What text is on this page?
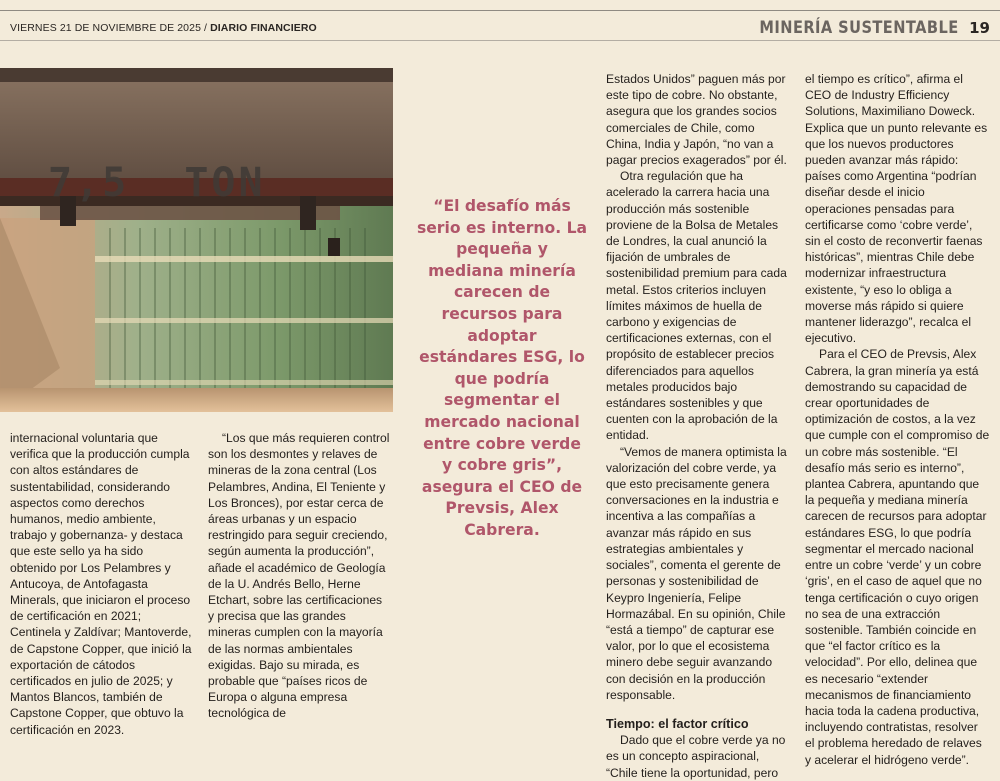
VIERNES 21 DE NOVIEMBRE DE 2025 / DIARIO FINANCIERO	MINERÍA SUSTENTABLE 19
7,5 TON

internacional voluntaria que verifica que la producción cumpla con altos estándares de sustentabilidad, considerando aspectos como derechos humanos, medio ambiente, trabajo y gobernanza- y destaca que este sello ya ha sido obtenido por Los Pelambres y Antucoya, de Antofagasta Minerals, que iniciaron el proceso de certificación en 2021; Centinela y Zaldívar; Mantoverde, de Capstone Copper, que inició la exportación de cátodos certificados en julio de 2025; y Mantos Blancos, también de Capstone Copper, que obtuvo la certificación en 2023.

“Los que más requieren control son los desmontes y relaves de mineras de la zona central (Los Pelambres, Andina, El Teniente y Los Bronces), por estar cerca de áreas urbanas y un espacio restringido para seguir creciendo, según aumenta la producción”, añade el académico de Geología de la U. Andrés Bello, Herne Etchart, sobre las certificaciones y precisa que las grandes mineras cumplen con la mayoría de las normas ambientales exigidas. Bajo su mirada, es probable que “países ricos de Europa o alguna empresa tecnológica de

“El desafío más serio es interno. La pequeña y mediana minería carecen de recursos para adoptar estándares ESG, lo que podría segmentar el mercado nacional entre cobre verde y cobre gris”, asegura el CEO de Prevsis, Alex Cabrera.

Estados Unidos” paguen más por este tipo de cobre. No obstante, asegura que los grandes socios comerciales de Chile, como China, India y Japón, “no van a pagar precios exagerados” por él.

Otra regulación que ha acelerado la carrera hacia una producción más sostenible proviene de la Bolsa de Metales de Londres, la cual anunció la fijación de umbrales de sostenibilidad premium para cada metal. Estos criterios incluyen límites máximos de huella de carbono y exigencias de certificaciones externas, con el propósito de establecer precios diferenciados para aquellos metales producidos bajo estándares sostenibles y que cuenten con la aprobación de la entidad.

“Vemos de manera optimista la valorización del cobre verde, ya que esto precisamente genera conversaciones en la industria e incentiva a las compañías a avanzar más rápido en sus estrategias ambientales y sociales”, comenta el gerente de personas y sostenibilidad de Keypro Ingeniería, Felipe Hormazábal. En su opinión, Chile “está a tiempo” de capturar ese valor, por lo que el ecosistema minero debe seguir avanzando con decisión en la producción responsable.

Tiempo: el factor crítico

Dado que el cobre verde ya no es un concepto aspiracional, “Chile tiene la oportunidad, pero

el tiempo es crítico”, afirma el CEO de Industry Efficiency Solutions, Maximiliano Doweck. Explica que un punto relevante es que los nuevos productores pueden avanzar más rápido: países como Argentina “podrían diseñar desde el inicio operaciones pensadas para certificarse como ‘cobre verde’, sin el costo de reconvertir faenas históricas”, mientras Chile debe modernizar infraestructura existente, “y eso lo obliga a moverse más rápido si quiere mantener liderazgo”, recalca el ejecutivo.

Para el CEO de Prevsis, Alex Cabrera, la gran minería ya está demostrando su capacidad de crear oportunidades de optimización de costos, a la vez que cumple con el compromiso de un cobre más sostenible. “El desafío más serio es interno”, plantea Cabrera, apuntando que la pequeña y mediana minería carecen de recursos para adoptar estándares ESG, lo que podría segmentar el mercado nacional entre un cobre ‘verde’ y un cobre ‘gris’, en el caso de aquel que no tenga certificación o cuyo origen no sea de una extracción sostenible. También coincide en que “el factor crítico es la velocidad”. Por ello, delinea que es necesario “extender mecanismos de financiamiento hacia toda la cadena productiva, incluyendo contratistas, resolver el problema heredado de relaves y acelerar el hidrógeno verde”.
